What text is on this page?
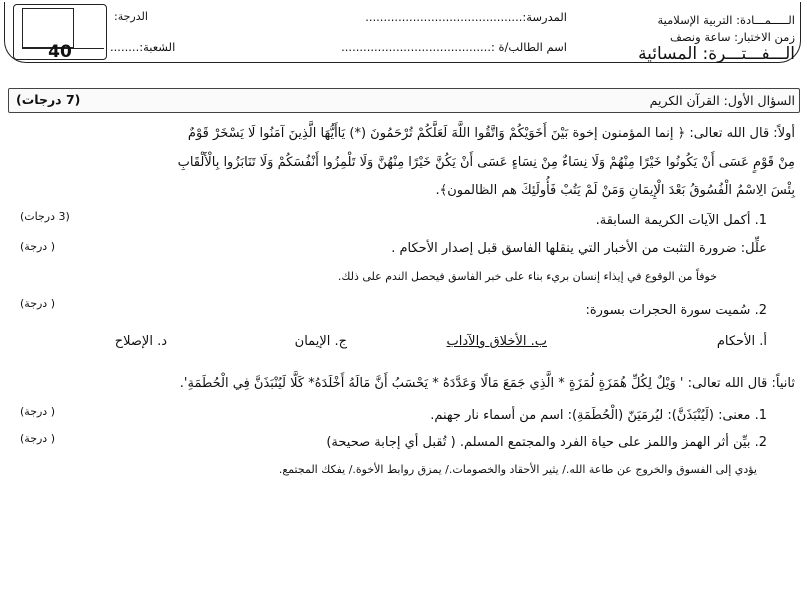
40
الدرجة:	الـــــمـــادة: التربية الإسلامية
زمن الاختبار: ساعة ونصف
الـــفـــتـــرة: المسائية
المدرسة:...........................................
اسم الطالب/ة :.........................................
الشعبة:........
السؤال الأول: القرآن الكريم
(7 درجات)
أولاً: قال الله تعالى: ﴿ إنما المؤمنون إخوة بَيْنَ أَخَوَيْكُمْ وَاتَّقُوا اللَّهَ لَعَلَّكُمْ تُرْحَمُونَ (*) يَاأَيُّهَا الَّذِينَ آمَنُوا لَا يَسْخَرْ قَوْمٌ
مِنْ قَوْمٍ عَسَى أَنْ يَكُونُوا خَيْرًا مِنْهُمْ وَلَا نِسَاءٌ مِنْ نِسَاءٍ عَسَى أَنْ يَكُنَّ خَيْرًا مِنْهُنَّ وَلَا تَلْمِزُوا أَنْفُسَكُمْ وَلَا تَنَابَزُوا بِالْأَلْقَابِ
بِئْسَ الِاسْمُ الْفُسُوقُ بَعْدَ الْإِيمَانِ وَمَنْ لَمْ يَتُبْ فَأُولَئِكَ هم الظالمون﴾.
1. أكمل الآيات الكريمة السابقة.
(3 درجات)
علِّل: ضرورة التثبت من الأخبار التي ينقلها الفاسق قبل إصدار الأحكام .
( درجة)
خوفاً من الوقوع في إيذاء إنسان بريء بناء على خبر الفاسق فيحصل الندم على ذلك.
2. سُميت سورة الحجرات بسورة:
( درجة)
أ. الأحكام
ب. الأخلاق والآداب
ج. الإيمان
د. الإصلاح
ثانياً: قال الله تعالى: ' وَيْلٌ لِكُلِّ هُمَزَةٍ لُمَزَةٍ * الَّذِي جَمَعَ مَالًا وَعَدَّدَهُ * يَحْسَبُ أَنَّ مَالَهُ أَخْلَدَهُ* كَلَّا لَيُنْبَذَنَّ فِي الْحُطَمَةِ'.
1. معنى: (لَيُنْبَذَنَّ): ليُرمَيَنّ (الْحُطَمَةِ): اسم من أسماء نار جهنم.
( درجة)
2. بيِّن أثر الهمز واللمز على حياة الفرد والمجتمع المسلم. ( تُقبل أي إجابة صحيحة)
( درجة)
يؤدي إلى الفسوق والخروج عن طاعة الله./ يثير الأحقاد والخصومات./ يمزق روابط الأخوة./ يفكك المجتمع.
